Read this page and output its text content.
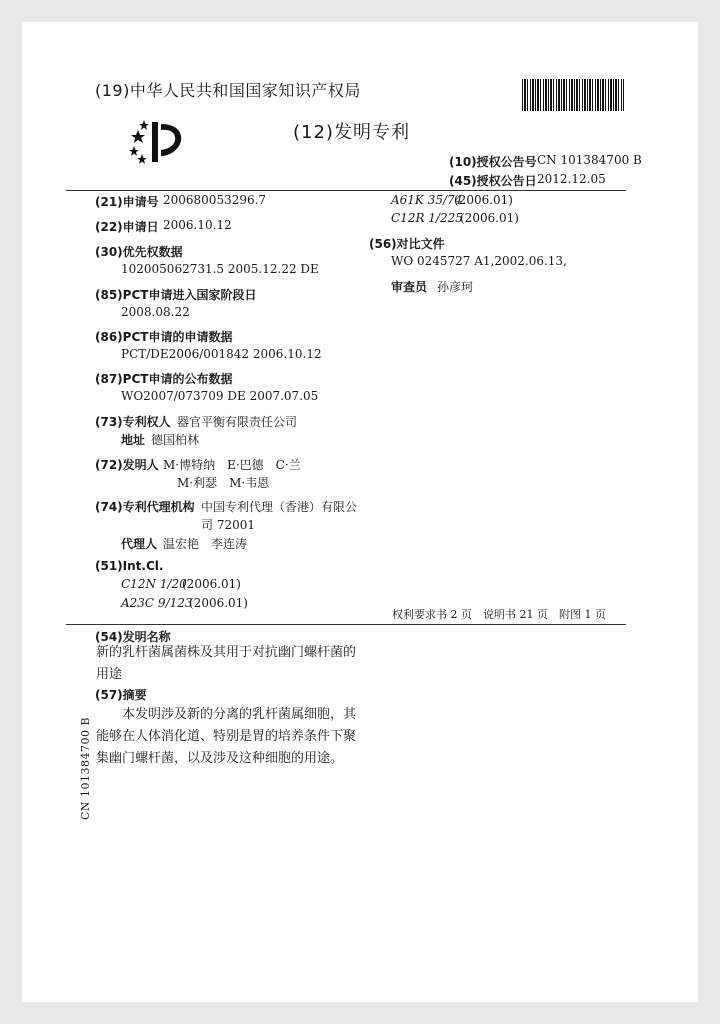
(19)中华人民共和国国家知识产权局
(12)发明专利
(10)授权公告号 CN 101384700 B
(45)授权公告日 2012.12.05
(21)申请号 200680053296.7
(22)申请日 2006.10.12
(30)优先权数据
102005062731.5 2005.12.22 DE
(85)PCT申请进入国家阶段日
2008.08.22
(86)PCT申请的申请数据
PCT/DE2006/001842 2006.10.12
(87)PCT申请的公布数据
WO2007/073709 DE 2007.07.05
(73)专利权人 器官平衡有限责任公司
地址 德国柏林
(72)发明人 M·博特纳　E·巴德　C·兰
M·利瑟　M·韦恩
(74)专利代理机构 中国专利代理（香港）有限公
司 72001
代理人 温宏艳　李连涛
(51)Int.Cl.
C12N 1/20
(2006.01)
A23C 9/123
(2006.01)
A61K 35/74
(2006.01)
C12R 1/225
(2006.01)
(56)对比文件
WO 0245727 A1,2002.06.13,
审查员 孙彦珂
权利要求书 2 页　说明书 21 页　附图 1 页
(54)发明名称
新的乳杆菌属菌株及其用于对抗幽门螺杆菌的用途
(57)摘要
本发明涉及新的分离的乳杆菌属细胞，其能够在人体消化道、特别是胃的培养条件下聚集幽门螺杆菌，以及涉及这种细胞的用途。
CN 101384700 B
